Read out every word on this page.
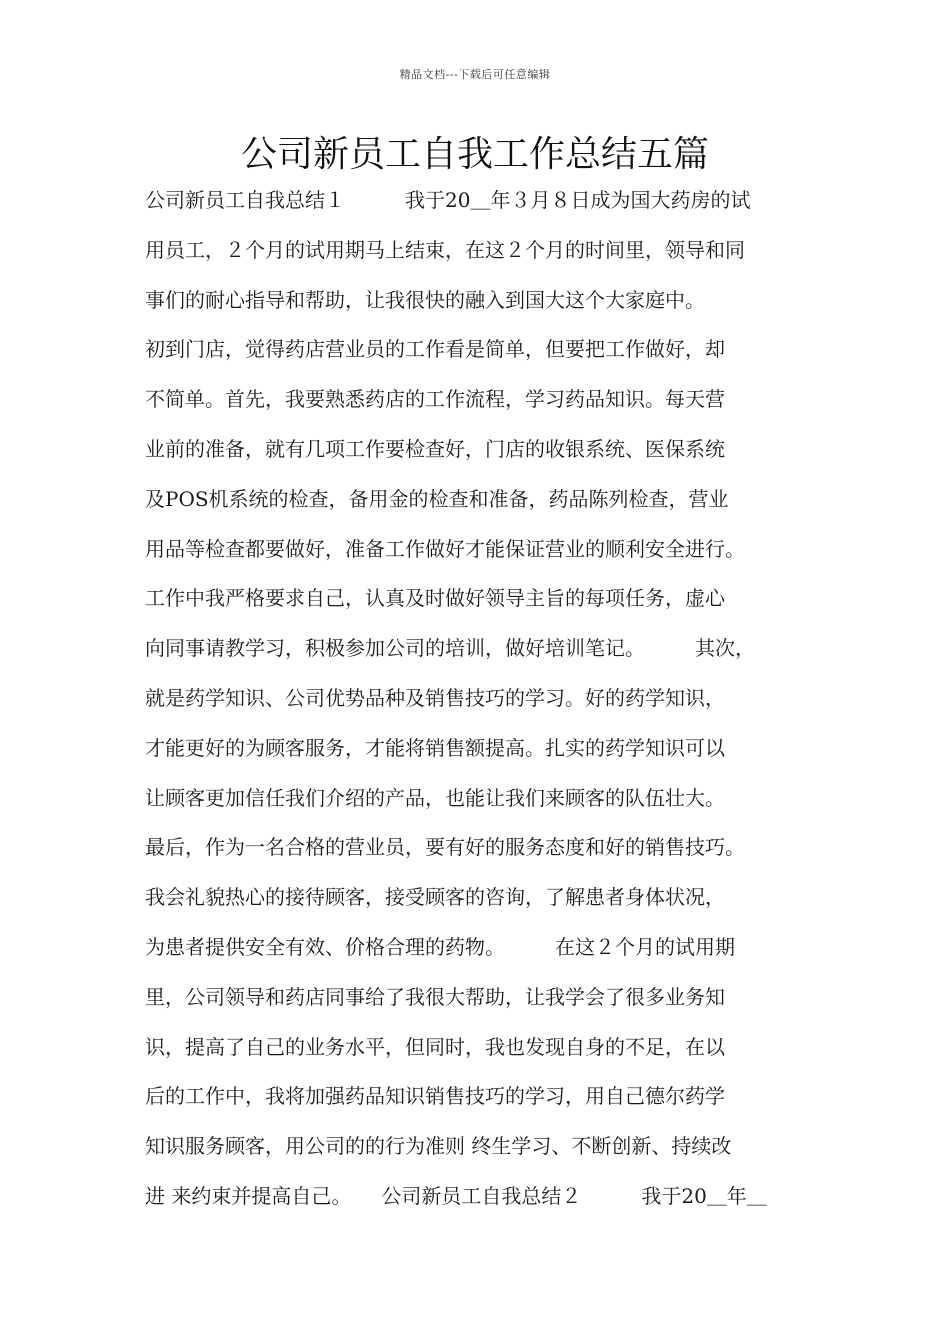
精品文档---下载后可任意编辑
公司新员工自我工作总结五篇
公司新员工自我总结１　　　我于20＿年３月８日成为国大药房的试
用员工，２个月的试用期马上结束，在这２个月的时间里，领导和同
事们的耐心指导和帮助，让我很快的融入到国大这个大家庭中。
初到门店，觉得药店营业员的工作看是简单，但要把工作做好，却
不简单。首先，我要熟悉药店的工作流程，学习药品知识。每天营
业前的准备，就有几项工作要检查好，门店的收银系统、医保系统
及POS机系统的检查，备用金的检查和准备，药品陈列检查，营业
用品等检查都要做好，准备工作做好才能保证营业的顺利安全进行。
工作中我严格要求自己，认真及时做好领导主旨的每项任务，虚心
向同事请教学习，积极参加公司的培训，做好培训笔记。　　　其次，
就是药学知识、公司优势品种及销售技巧的学习。好的药学知识，
才能更好的为顾客服务，才能将销售额提高。扎实的药学知识可以
让顾客更加信任我们介绍的产品，也能让我们来顾客的队伍壮大。
最后，作为一名合格的营业员，要有好的服务态度和好的销售技巧。
我会礼貌热心的接待顾客，接受顾客的咨询，了解患者身体状况，
为患者提供安全有效、价格合理的药物。　　　在这２个月的试用期
里，公司领导和药店同事给了我很大帮助，让我学会了很多业务知
识，提高了自己的业务水平，但同时，我也发现自身的不足，在以
后的工作中，我将加强药品知识销售技巧的学习，用自己德尔药学
知识服务顾客，用公司的的行为准则 终生学习、不断创新、持续改
进 来约束并提高自己。　　公司新员工自我总结２　　　我于20＿年＿
